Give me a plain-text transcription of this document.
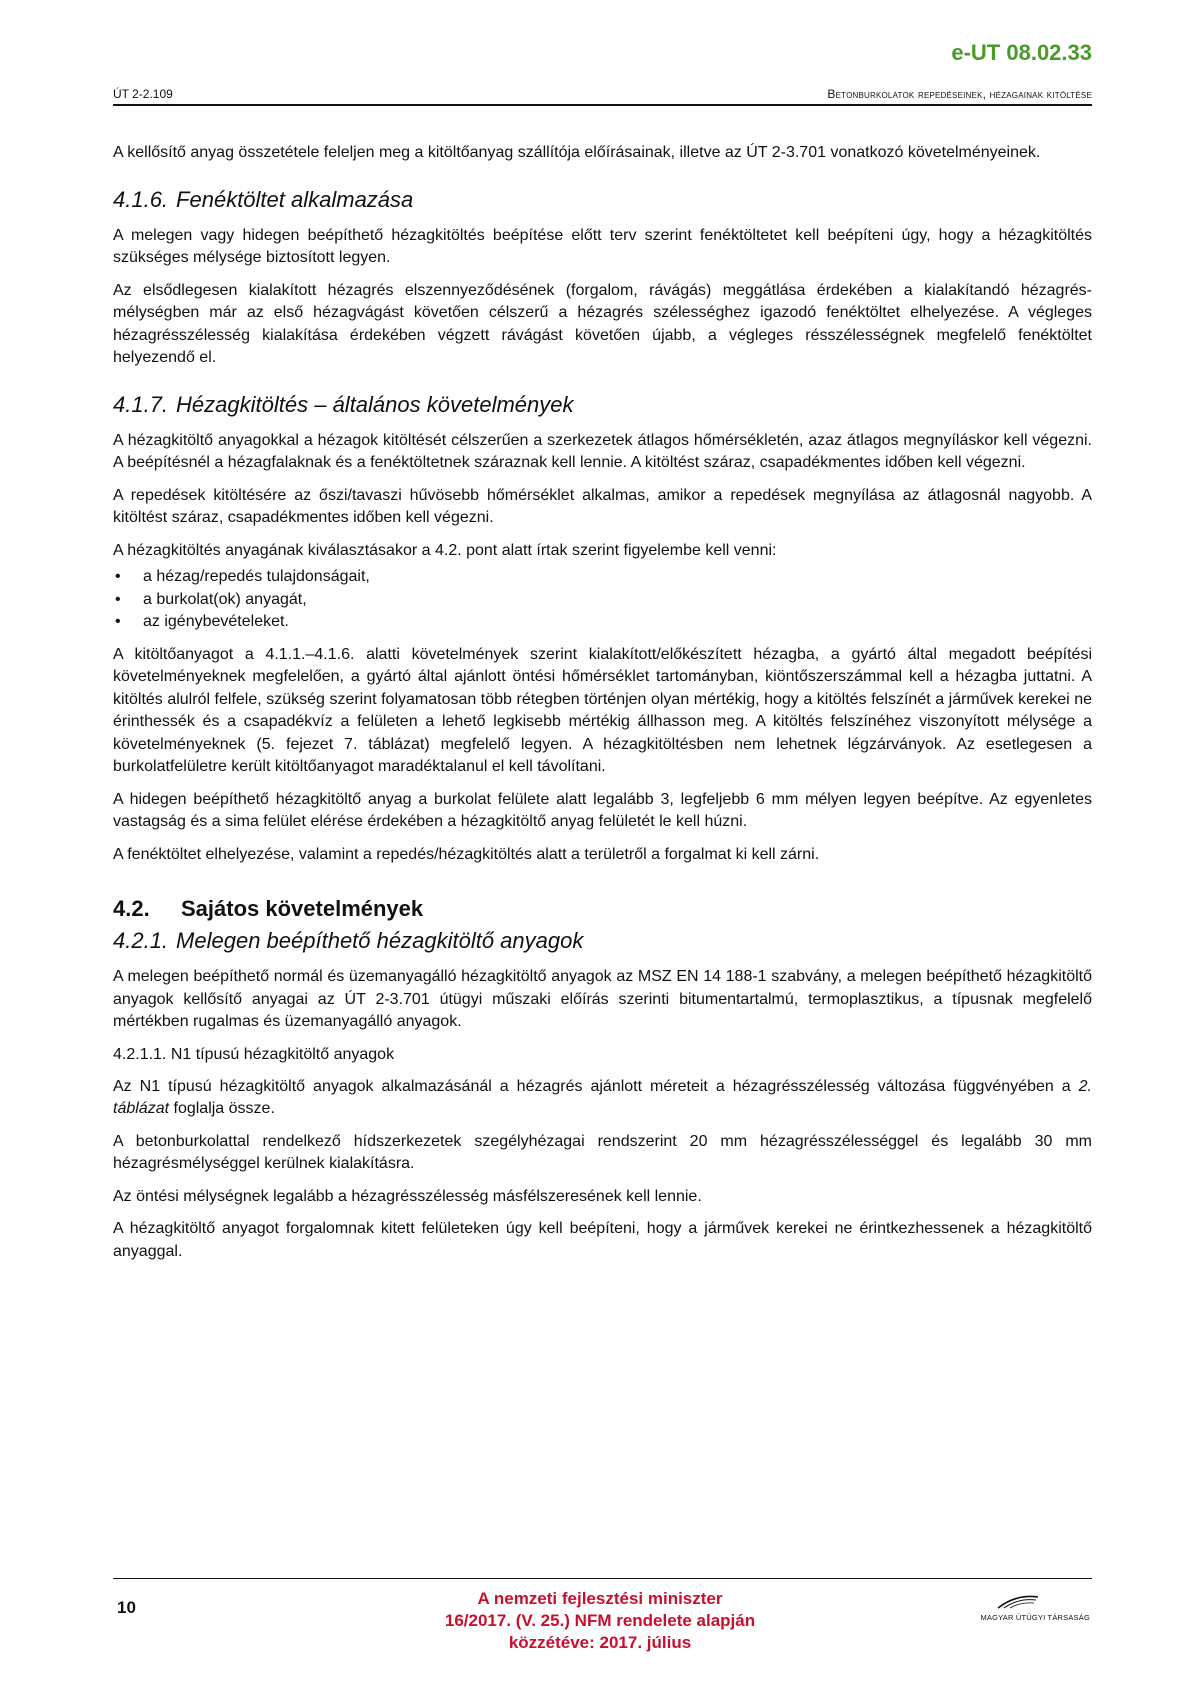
e-UT 08.02.33
ÚT 2-2.109	Betonburkolatok repedéseinek, hézagainak kitöltése

A kellősítő anyag összetétele feleljen meg a kitöltőanyag szállítója előírásainak, illetve az ÚT 2-3.701 vonatkozó követelményeinek.

4.1.6. Fenéktöltet alkalmazása

A melegen vagy hidegen beépíthető hézagkitöltés beépítése előtt terv szerint fenéktöltetet kell beépíteni úgy, hogy a hézagkitöltés szükséges mélysége biztosított legyen.

Az elsődlegesen kialakított hézagrés elszennyeződésének (forgalom, rávágás) meggátlása érdekében a kialakítandó hézagrés-mélységben már az első hézagvágást követően célszerű a hézagrés szélességhez igazodó fenéktöltet elhelyezése. A végleges hézagrésszélesség kialakítása érdekében végzett rávágást követően újabb, a végleges résszélességnek megfelelő fenéktöltet helyezendő el.

4.1.7. Hézagkitöltés – általános követelmények

A hézagkitöltő anyagokkal a hézagok kitöltését célszerűen a szerkezetek átlagos hőmérsékletén, azaz átlagos megnyíláskor kell végezni. A beépítésnél a hézagfalaknak és a fenéktöltetnek száraznak kell lennie. A kitöltést száraz, csapadékmentes időben kell végezni.

A repedések kitöltésére az őszi/tavaszi hűvösebb hőmérséklet alkalmas, amikor a repedések megnyílása az átlagosnál nagyobb. A kitöltést száraz, csapadékmentes időben kell végezni.

A hézagkitöltés anyagának kiválasztásakor a 4.2. pont alatt írtak szerint figyelembe kell venni:

• a hézag/repedés tulajdonságait,
• a burkolat(ok) anyagát,
• az igénybevételeket.

A kitöltőanyagot a 4.1.1.–4.1.6. alatti követelmények szerint kialakított/előkészített hézagba, a gyártó által megadott beépítési követelményeknek megfelelően, a gyártó által ajánlott öntési hőmérséklet tartományban, kiöntőszerszámmal kell a hézagba juttatni. A kitöltés alulról felfele, szükség szerint folyamatosan több rétegben történjen olyan mértékig, hogy a kitöltés felszínét a járművek kerekei ne érinthessék és a csapadékvíz a felületen a lehető legkisebb mértékig állhasson meg. A kitöltés felszínéhez viszonyított mélysége a követelményeknek (5. fejezet 7. táblázat) megfelelő legyen. A hézagkitöltésben nem lehetnek légzárványok. Az esetlegesen a burkolatfelületre került kitöltőanyagot maradéktalanul el kell távolítani.

A hidegen beépíthető hézagkitöltő anyag a burkolat felülete alatt legalább 3, legfeljebb 6 mm mélyen legyen beépítve. Az egyenletes vastagság és a sima felület elérése érdekében a hézagkitöltő anyag felületét le kell húzni.

A fenéktöltet elhelyezése, valamint a repedés/hézagkitöltés alatt a területről a forgalmat ki kell zárni.

4.2. Sajátos követelmények
4.2.1. Melegen beépíthető hézagkitöltő anyagok

A melegen beépíthető normál és üzemanyagálló hézagkitöltő anyagok az MSZ EN 14 188-1 szabvány, a melegen beépíthető hézagkitöltő anyagok kellősítő anyagai az ÚT 2-3.701 útügyi műszaki előírás szerinti bitumentartalmú, termoplasztikus, a típusnak megfelelő mértékben rugalmas és üzemanyagálló anyagok.

4.2.1.1. N1 típusú hézagkitöltő anyagok

Az N1 típusú hézagkitöltő anyagok alkalmazásánál a hézagrés ajánlott méreteit a hézagrésszélesség változása függvényében a 2. táblázat foglalja össze.

A betonburkolattal rendelkező hídszerkezetek szegélyhézagai rendszerint 20 mm hézagrésszélességgel és legalább 30 mm hézagrésmélységgel kerülnek kialakításra.

Az öntési mélységnek legalább a hézagrésszélesség másfélszeresének kell lennie.

A hézagkitöltő anyagot forgalomnak kitett felületeken úgy kell beépíteni, hogy a járművek kerekei ne érintkezhessenek a hézagkitöltő anyaggal.

10	A nemzeti fejlesztési miniszter
16/2017. (V. 25.) NFM rendelete alapján
közzétéve: 2017. július
MAGYAR ÚTÜGYI TÁRSASÁG
